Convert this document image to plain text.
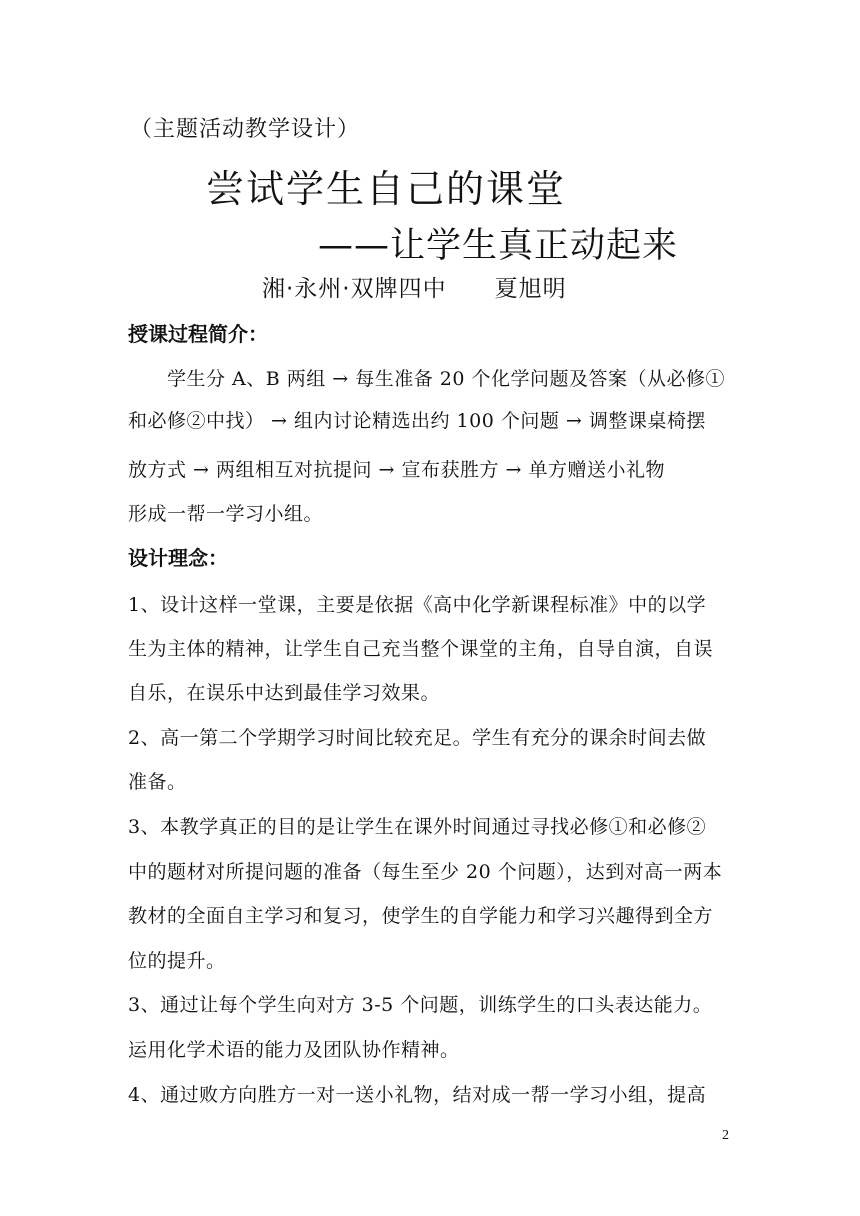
（主题活动教学设计）
尝试学生自己的课堂
——让学生真正动起来
湘·永州·双牌四中　　夏旭明
授课过程简介：
　　学生分 A、B 两组 → 每生准备 20 个化学问题及答案（从必修①
和必修②中找） → 组内讨论精选出约 100 个问题 → 调整课桌椅摆
放方式 → 两组相互对抗提问 → 宣布获胜方 → 单方赠送小礼物
形成一帮一学习小组。
设计理念：
1、设计这样一堂课，主要是依据《高中化学新课程标准》中的以学
生为主体的精神，让学生自己充当整个课堂的主角，自导自演，自误
自乐，在误乐中达到最佳学习效果。
2、高一第二个学期学习时间比较充足。学生有充分的课余时间去做
准备。
3、本教学真正的目的是让学生在课外时间通过寻找必修①和必修②
中的题材对所提问题的准备（每生至少 20 个问题），达到对高一两本
教材的全面自主学习和复习，使学生的自学能力和学习兴趣得到全方
位的提升。
3、通过让每个学生向对方 3-5 个问题，训练学生的口头表达能力。
运用化学术语的能力及团队协作精神。
4、通过败方向胜方一对一送小礼物，结对成一帮一学习小组，提高
2
